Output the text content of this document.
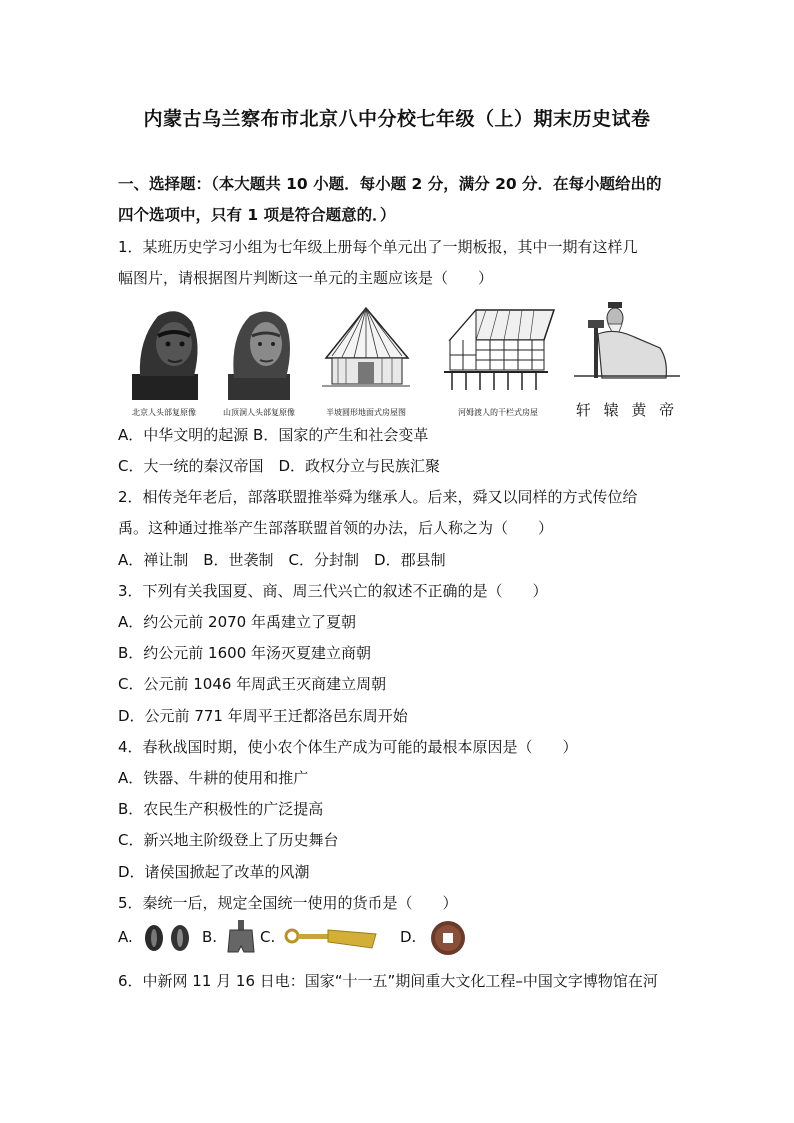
内蒙古乌兰察布市北京八中分校七年级（上）期末历史试卷
一、选择题：（本大题共 10 小题．每小题 2 分，满分 20 分．在每小题给出的
四个选项中，只有 1 项是符合题意的．）
1．某班历史学习小组为七年级上册每个单元出了一期板报，其中一期有这样几
幅图片，请根据图片判断这一单元的主题应该是（　　）
北京人头部复原像	山顶洞人头部复原像	半坡圆形地面式房屋图	河姆渡人的干栏式房屋	轩 辕 黄 帝
A．中华文明的起源 B．国家的产生和社会变革
C．大一统的秦汉帝国　D．政权分立与民族汇聚
2．相传尧年老后，部落联盟推举舜为继承人。后来，舜又以同样的方式传位给
禹。这种通过推举产生部落联盟首领的办法，后人称之为（　　）
A．禅让制　B．世袭制　C．分封制　D．郡县制
3．下列有关我国夏、商、周三代兴亡的叙述不正确的是（　　）
A．约公元前 2070 年禹建立了夏朝
B．约公元前 1600 年汤灭夏建立商朝
C．公元前 1046 年周武王灭商建立周朝
D．公元前 771 年周平王迁都洛邑东周开始
4．春秋战国时期，使小农个体生产成为可能的最根本原因是（　　）
A．铁器、牛耕的使用和推广
B．农民生产积极性的广泛提高
C．新兴地主阶级登上了历史舞台
D．诸侯国掀起了改革的风潮
5．秦统一后，规定全国统一使用的货币是（　　）
A.	B.	C.	D.
6．中新网 11 月 16 日电：国家“十一五”期间重大文化工程–中国文字博物馆在河
